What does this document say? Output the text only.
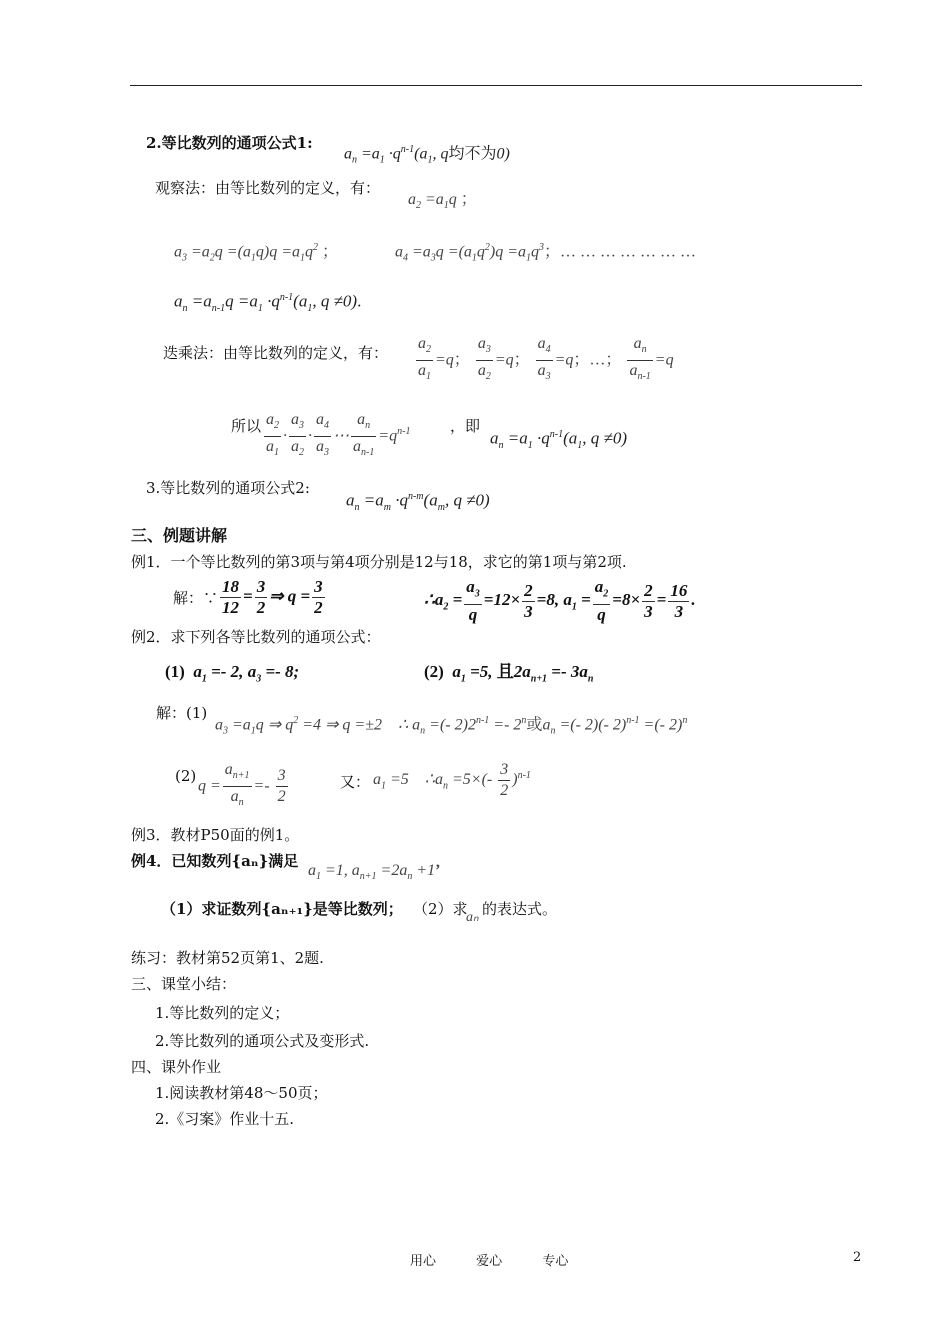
2.等比数列的通项公式1:
$a_n =a_1 \cdot q^{n-1}(a_1$, q均不为0)
观察法：由等比数列的定义，有：
$a_2 =a_1q$ ；
$a_3 =a_2q =(a_1q)q =a_1q^2$ ；	$a_4 =a_3q =(a_1q^2)q =a_1q^3$；… … … … … … …
$a_n =a_{n-1}q =a_1 \cdot q^{n-1}(a_1$, q ≠0).
迭乘法：由等比数列的定义，有： $\frac{a_2}{a_1} =q$； $\frac{a_3}{a_2} =q$； $\frac{a_4}{a_3} =q$；…； $\frac{a_n}{a_{n-1}} =q$
所以 $\frac{a_2}{a_1} \cdot \frac{a_3}{a_2} \cdot \frac{a_4}{a_3}$ ⋯ $\frac{a_n}{a_{n-1}} =q^{n-1}$	，即
$a_n =a_1 \cdot q^{n-1}(a_1$, q ≠0)
3.等比数列的通项公式2:
$a_n =a_m \cdot q^{n-m}(a_m$, q ≠0)
三、例题讲解
例1．一个等比数列的第3项与第4项分别是12与18，求它的第1项与第2项.
解：∵ $\frac{18}{12} = \frac{3}{2}$ ⇒ $q = \frac{3}{2}$	$\therefore a_2 = \frac{a_3}{q} =12\times \frac{2}{3} =8$, $a_1 = \frac{a_2}{q} =8\times \frac{2}{3} = \frac{16}{3}$ .
例2．求下列各等比数列的通项公式：
(1) $a_1 =- 2$, $a_3 =- 8$;	(2) $a_1 =5$, 且$2a_{n+1} =- 3a_n$
解：(1)
$a_3 =a_1q$ ⇒ $q^2 =4$ ⇒ q =±2    ∴ $a_n$ =(- $2)2^{n-1} =- 2^n$或$a_n$ =(- 2)(- 2)$^{n-1}$ =(- 2)$^n$
(2)
$q = \frac{a_{n+1}}{a_n} =- \frac{3}{2}$	又： $a_1 =5$    $\therefore a_n =5\times(- \frac{3}{2} )^{n-1}$
例3．教材P50面的例1。
例4．已知数列{aₙ}满足
$a_1 =1$, $a_{n+1} =2a_n +1$’
（1）求证数列{aₙ₊₁}是等比数列； （2）求
aₙ 的表达式。
练习：教材第52页第1、2题.
三、课堂小结：
1.等比数列的定义；
2.等比数列的通项公式及变形式.
四、课外作业
1.阅读教材第48～50页；
2.《习案》作业十五.
用心	爱心	专心	2
